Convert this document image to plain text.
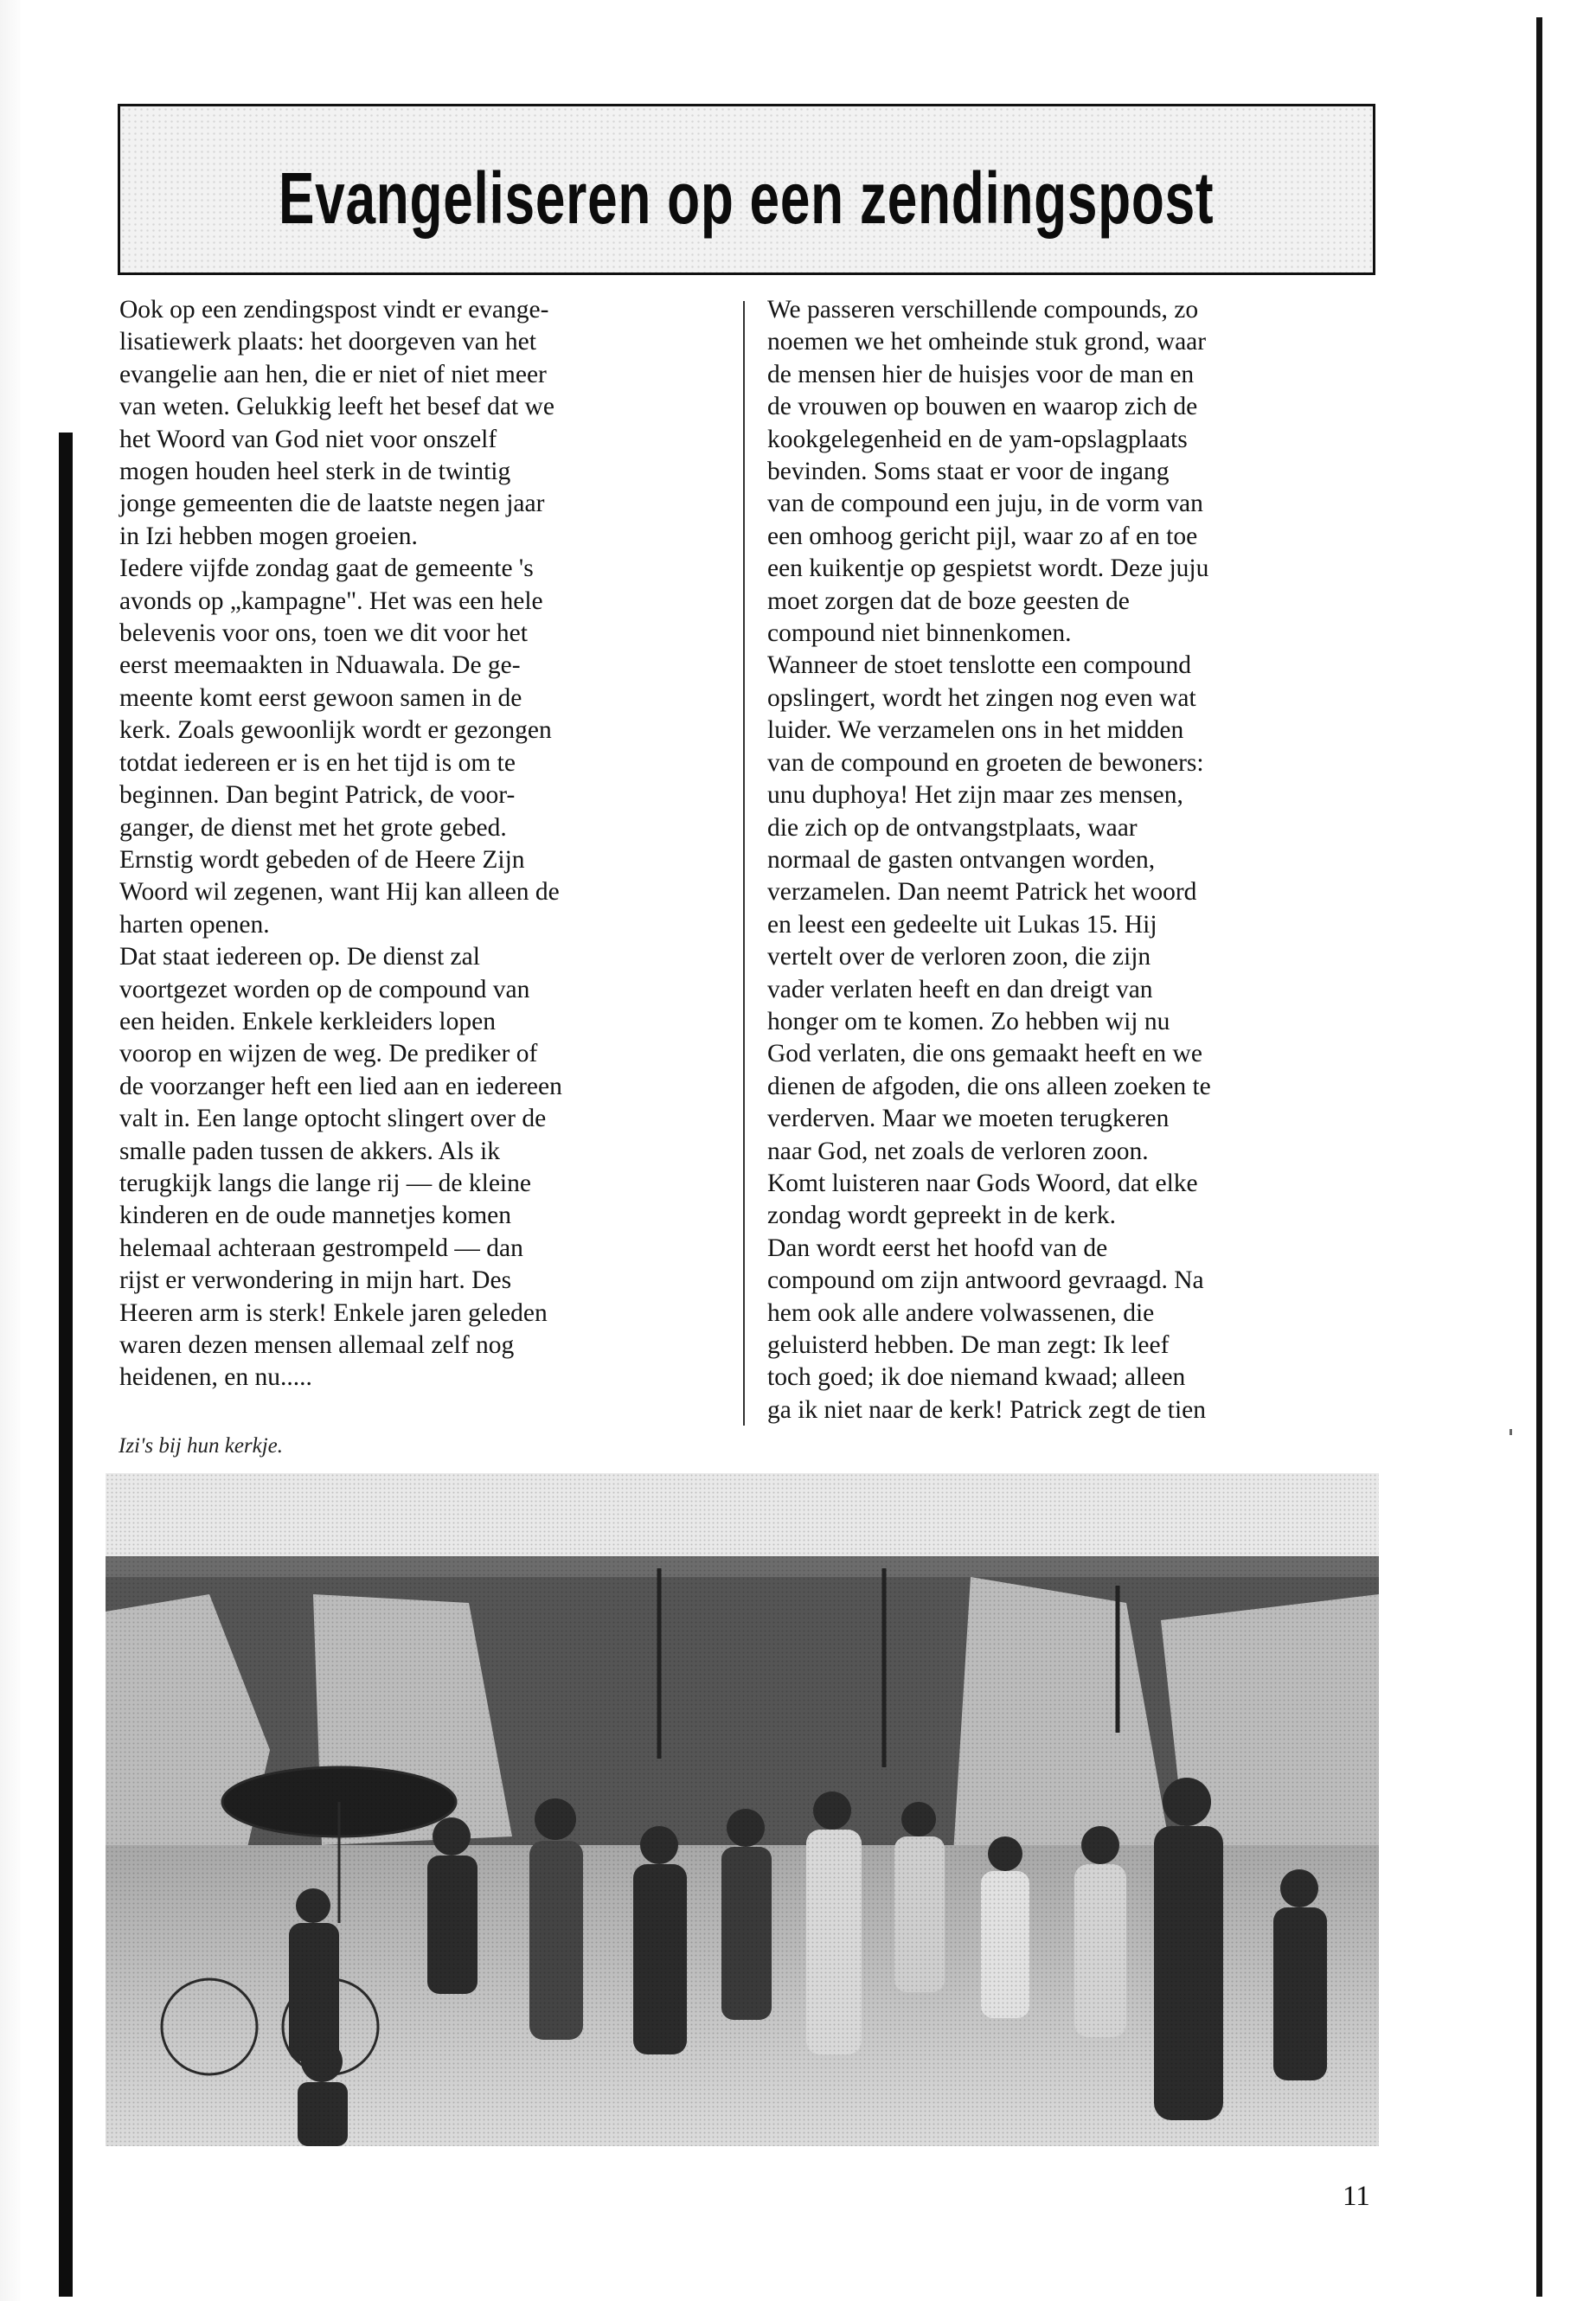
Evangeliseren op een zendingspost
Ook op een zendingspost vindt er evange-
lisatiewerk plaats: het doorgeven van het
evangelie aan hen, die er niet of niet meer
van weten. Gelukkig leeft het besef dat we
het Woord van God niet voor onszelf
mogen houden heel sterk in de twintig
jonge gemeenten die de laatste negen jaar
in Izi hebben mogen groeien.
Iedere vijfde zondag gaat de gemeente 's
avonds op „kampagne". Het was een hele
belevenis voor ons, toen we dit voor het
eerst meemaakten in Nduawala. De ge-
meente komt eerst gewoon samen in de
kerk. Zoals gewoonlijk wordt er gezongen
totdat iedereen er is en het tijd is om te
beginnen. Dan begint Patrick, de voor-
ganger, de dienst met het grote gebed.
Ernstig wordt gebeden of de Heere Zijn
Woord wil zegenen, want Hij kan alleen de
harten openen.
Dat staat iedereen op. De dienst zal
voortgezet worden op de compound van
een heiden. Enkele kerkleiders lopen
voorop en wijzen de weg. De prediker of
de voorzanger heft een lied aan en iedereen
valt in. Een lange optocht slingert over de
smalle paden tussen de akkers. Als ik
terugkijk langs die lange rij — de kleine
kinderen en de oude mannetjes komen
helemaal achteraan gestrompeld — dan
rijst er verwondering in mijn hart. Des
Heeren arm is sterk! Enkele jaren geleden
waren dezen mensen allemaal zelf nog
heidenen, en nu.....
We passeren verschillende compounds, zo
noemen we het omheinde stuk grond, waar
de mensen hier de huisjes voor de man en
de vrouwen op bouwen en waarop zich de
kookgelegenheid en de yam-opslagplaats
bevinden. Soms staat er voor de ingang
van de compound een juju, in de vorm van
een omhoog gericht pijl, waar zo af en toe
een kuikentje op gespietst wordt. Deze juju
moet zorgen dat de boze geesten de
compound niet binnenkomen.
Wanneer de stoet tenslotte een compound
opslingert, wordt het zingen nog even wat
luider. We verzamelen ons in het midden
van de compound en groeten de bewoners:
unu duphoya! Het zijn maar zes mensen,
die zich op de ontvangstplaats, waar
normaal de gasten ontvangen worden,
verzamelen. Dan neemt Patrick het woord
en leest een gedeelte uit Lukas 15. Hij
vertelt over de verloren zoon, die zijn
vader verlaten heeft en dan dreigt van
honger om te komen. Zo hebben wij nu
God verlaten, die ons gemaakt heeft en we
dienen de afgoden, die ons alleen zoeken te
verderven. Maar we moeten terugkeren
naar God, net zoals de verloren zoon.
Komt luisteren naar Gods Woord, dat elke
zondag wordt gepreekt in de kerk.
Dan wordt eerst het hoofd van de
compound om zijn antwoord gevraagd. Na
hem ook alle andere volwassenen, die
geluisterd hebben. De man zegt: Ik leef
toch goed; ik doe niemand kwaad; alleen
ga ik niet naar de kerk! Patrick zegt de tien
Izi's bij hun kerkje.
11
